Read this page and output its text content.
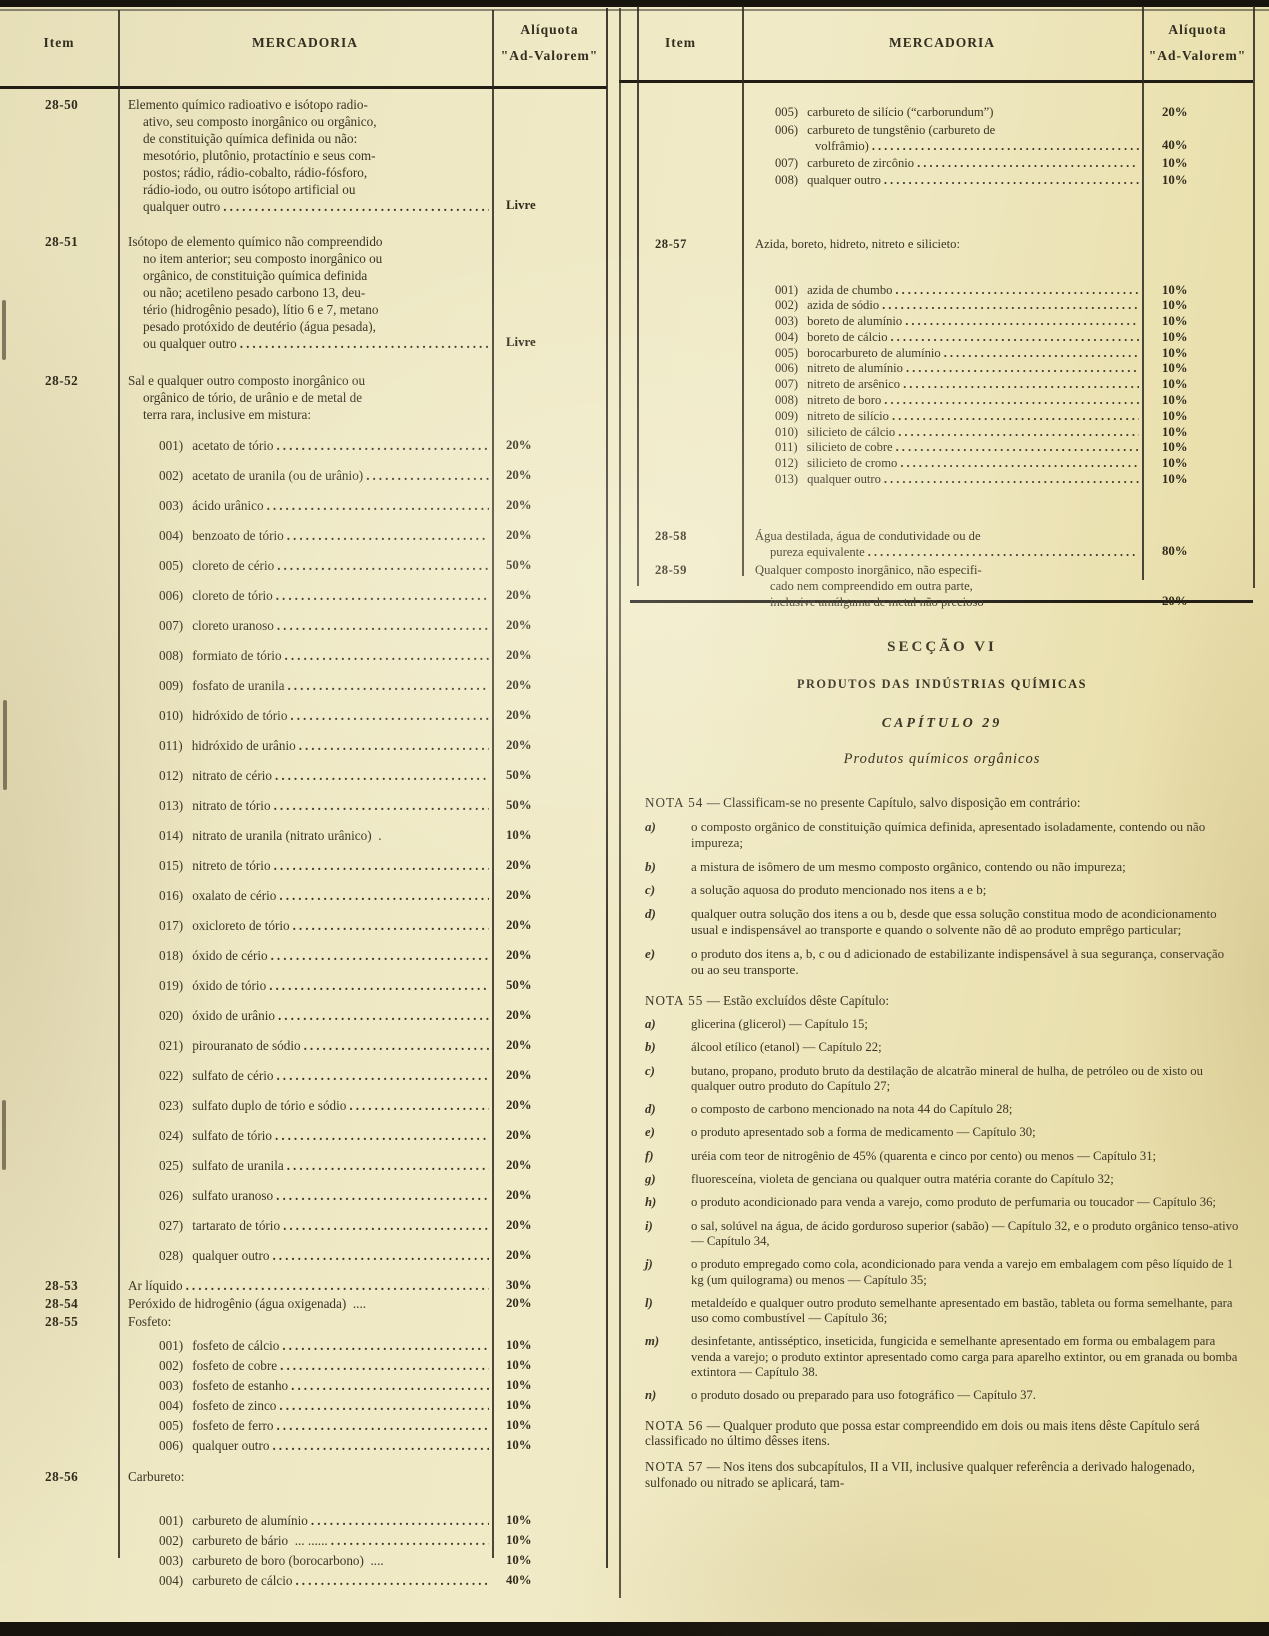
Item	MERCADORIA
Alíquota
"Ad-Valorem"
Item	MERCADORIA
Alíquota
"Ad-Valorem"
28-50	Elemento químico radioativo e isótopo radio-
ativo, seu composto inorgânico ou orgânico,
de constituição química definida ou não:
mesotório, plutônio, protactínio e seus com-
postos; rádio, rádio-cobalto, rádio-fósforo,
rádio-iodo, ou outro isótopo artificial ou
qualquer outro .....	Livre
28-51	Isótopo de elemento químico não compreendido
no item anterior; seu composto inorgânico ou
orgânico, de constituição química definida
ou não; acetileno pesado carbono 13, deu-
tério (hidrogênio pesado), lítio 6 e 7, metano
pesado protóxido de deutério (água pesada),
ou qualquer outro .....	Livre
28-52	Sal e qualquer outro composto inorgânico ou
orgânico de tório, de urânio e de metal de
terra rara, inclusive em mistura:
001) acetato de tório .....	20%
002) acetato de uranila (ou de urânio) .....	20%
003) ácido urânico .....	20%
004) benzoato de tório .....	20%
005) cloreto de cério .....	50%
006) cloreto de tório .....	20%
007) cloreto uranoso .....	20%
008) formiato de tório .....	20%
009) fosfato de uranila .....	20%
010) hidróxido de tório .....	20%
011) hidróxido de urânio .....	20%
012) nitrato de cério .....	50%
013) nitrato de tório .....	50%
014) nitrato de uranila (nitrato urânico)  .	10%
015) nitreto de tório .....	20%
016) oxalato de cério .....	20%
017) oxicloreto de tório .....	20%
018) óxido de cério .....	20%
019) óxido de tório .....	50%
020) óxido de urânio .....	20%
021) pirouranato de sódio .....	20%
022) sulfato de cério .....	20%
023) sulfato duplo de tório e sódio .....	20%
024) sulfato de tório .....	20%
025) sulfato de uranila .....	20%
026) sulfato uranoso .....	20%
027) tartarato de tório .....	20%
028) qualquer outro .....	20%
28-53	Ar líquido .....	30%
28-54	Peróxido de hidrogênio (água oxigenada)  ....	20%
28-55	Fosfeto:
001) fosfeto de cálcio .....	10%
002) fosfeto de cobre .....	10%
003) fosfeto de estanho .....	10%
004) fosfeto de zinco .....	10%
005) fosfeto de ferro .....	10%
006) qualquer outro .....	10%
28-56	Carbureto:
001) carbureto de alumínio .....	10%
002) carbureto de bário  ... ...... .....	10%
003) carbureto de boro (borocarbono)  ....	10%
004) carbureto de cálcio .....	40%
005) carbureto de silício (“carborundum”)	20%
006) carbureto de tungstênio (carbureto de
volfrâmio) .....	40%
007) carbureto de zircônio .....	10%
008) qualquer outro .....	10%
28-57	Azida, boreto, hidreto, nitreto e silicieto:
001) azida de chumbo .....	10%
002) azida de sódio .....	10%
003) boreto de alumínio .....	10%
004) boreto de cálcio .....	10%
005) borocarbureto de alumínio .....	10%
006) nitreto de alumínio .....	10%
007) nitreto de arsênico .....	10%
008) nitreto de boro .....	10%
009) nitreto de silício .....	10%
010) silicieto de cálcio .....	10%
011) silicieto de cobre .....	10%
012) silicieto de cromo .....	10%
013) qualquer outro .....	10%
28-58	Água destilada, água de condutividade ou de
pureza equivalente .....	80%
28-59	Qualquer composto inorgânico, não especifi-
cado nem compreendido em outra parte,
inclusive amálgama de metal não precioso	20%
SECÇÃO VI
PRODUTOS DAS INDÚSTRIAS QUÍMICAS
CAPÍTULO 29
Produtos químicos orgânicos
NOTA 54 — Classificam-se no presente Capítulo, salvo disposição em contrário:
a)	o composto orgânico de constituição química definida, apresentado isoladamente, contendo ou não impureza;
b)	a mistura de isômero de um mesmo composto orgânico, contendo ou não impureza;
c)	a solução aquosa do produto mencionado nos itens a e b;
d)	qualquer outra solução dos itens a ou b, desde que essa solução constitua modo de acondicionamento usual e indispensável ao transporte e quando o solvente não dê ao produto emprêgo particular;
e)	o produto dos itens a, b, c ou d adicionado de estabilizante indispensável à sua segurança, conservação ou ao seu transporte.
NOTA 55 — Estão excluídos dêste Capítulo:
a)	glicerina (glicerol) — Capítulo 15;
b)	álcool etílico (etanol) — Capítulo 22;
c)	butano, propano, produto bruto da destilação de alcatrão mineral de hulha, de petróleo ou de xisto ou qualquer outro produto do Capítulo 27;
d)	o composto de carbono mencionado na nota 44 do Capítulo 28;
e)	o produto apresentado sob a forma de medicamento — Capítulo 30;
f)	uréia com teor de nitrogênio de 45% (quarenta e cinco por cento) ou menos — Capítulo 31;
g)	fluoresceína, violeta de genciana ou qualquer outra matéria corante do Capítulo 32;
h)	o produto acondicionado para venda a varejo, como produto de perfumaria ou toucador — Capítulo 36;
i)	o sal, solúvel na água, de ácido gorduroso superior (sabão) — Capítulo 32, e o produto orgânico tenso-ativo — Capítulo 34,
j)	o produto empregado como cola, acondicionado para venda a varejo em embalagem com pêso líquido de 1 kg (um quilograma) ou menos — Capítulo 35;
l)	metaldeído e qualquer outro produto semelhante apresentado em bastão, tableta ou forma semelhante, para uso como combustível — Capítulo 36;
m)	desinfetante, antisséptico, inseticida, fungicida e semelhante apresentado em forma ou embalagem para venda a varejo; o produto extintor apresentado como carga para aparelho extintor, ou em granada ou bomba extintora — Capítulo 38.
n)	o produto dosado ou preparado para uso fotográfico — Capítulo 37.
NOTA 56 — Qualquer produto que possa estar compreendido em dois ou mais itens dêste Capítulo será classificado no último dêsses itens.
NOTA 57 — Nos itens dos subcapítulos, II a VII, inclusive qualquer referência a derivado halogenado, sulfonado ou nitrado se aplicará, tam-
